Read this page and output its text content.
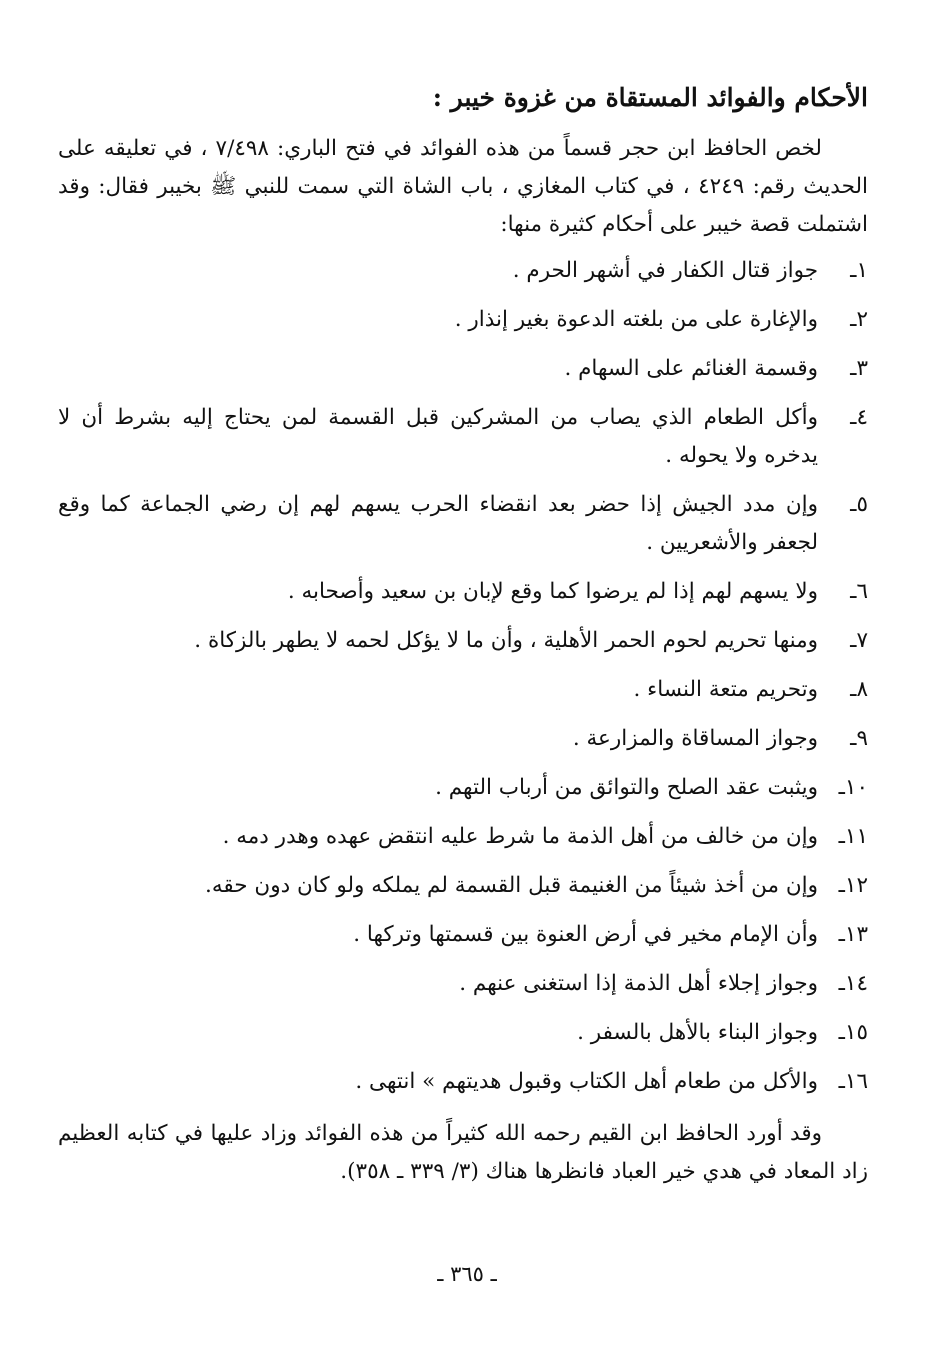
الأحكام والفوائد المستقاة من غزوة خيبر :

لخص الحافظ ابن حجر قسماً من هذه الفوائد في فتح الباري: ٧/٤٩٨ ، في تعليقه على الحديث رقم: ٤٢٤٩ ، في كتاب المغازي ، باب الشاة التي سمت للنبي ﷺ بخيبر فقال: وقد اشتملت قصة خيبر على أحكام كثيرة منها:

١ـ
جواز قتال الكفار في أشهر الحرم .
٢ـ
والإغارة على من بلغته الدعوة بغير إنذار .
٣ـ
وقسمة الغنائم على السهام .
٤ـ
وأكل الطعام الذي يصاب من المشركين قبل القسمة لمن يحتاج إليه بشرط أن لا يدخره ولا يحوله .
٥ـ
وإن مدد الجيش إذا حضر بعد انقضاء الحرب يسهم لهم إن رضي الجماعة كما وقع لجعفر والأشعريين .
٦ـ
ولا يسهم لهم إذا لم يرضوا كما وقع لإبان بن سعيد وأصحابه .
٧ـ
ومنها تحريم لحوم الحمر الأهلية ، وأن ما لا يؤكل لحمه لا يطهر بالزكاة .
٨ـ
وتحريم متعة النساء .
٩ـ
وجواز المساقاة والمزارعة .
١٠ـ
ويثبت عقد الصلح والتوائق من أرباب التهم .
١١ـ
وإن من خالف من أهل الذمة ما شرط عليه انتقض عهده وهدر دمه .
١٢ـ
وإن من أخذ شيئاً من الغنيمة قبل القسمة لم يملكه ولو كان دون حقه.
١٣ـ
وأن الإمام مخير في أرض العنوة بين قسمتها وتركها .
١٤ـ
وجواز إجلاء أهل الذمة إذا استغنى عنهم .
١٥ـ
وجواز البناء بالأهل بالسفر .
١٦ـ
والأكل من طعام أهل الكتاب وقبول هديتهم » انتهى .

وقد أورد الحافظ ابن القيم رحمه الله كثيراً من هذه الفوائد وزاد عليها في كتابه العظيم زاد المعاد في هدي خير العباد فانظرها هناك (٣/ ٣٣٩ ـ ٣٥٨).

ـ ٣٦٥ ـ
